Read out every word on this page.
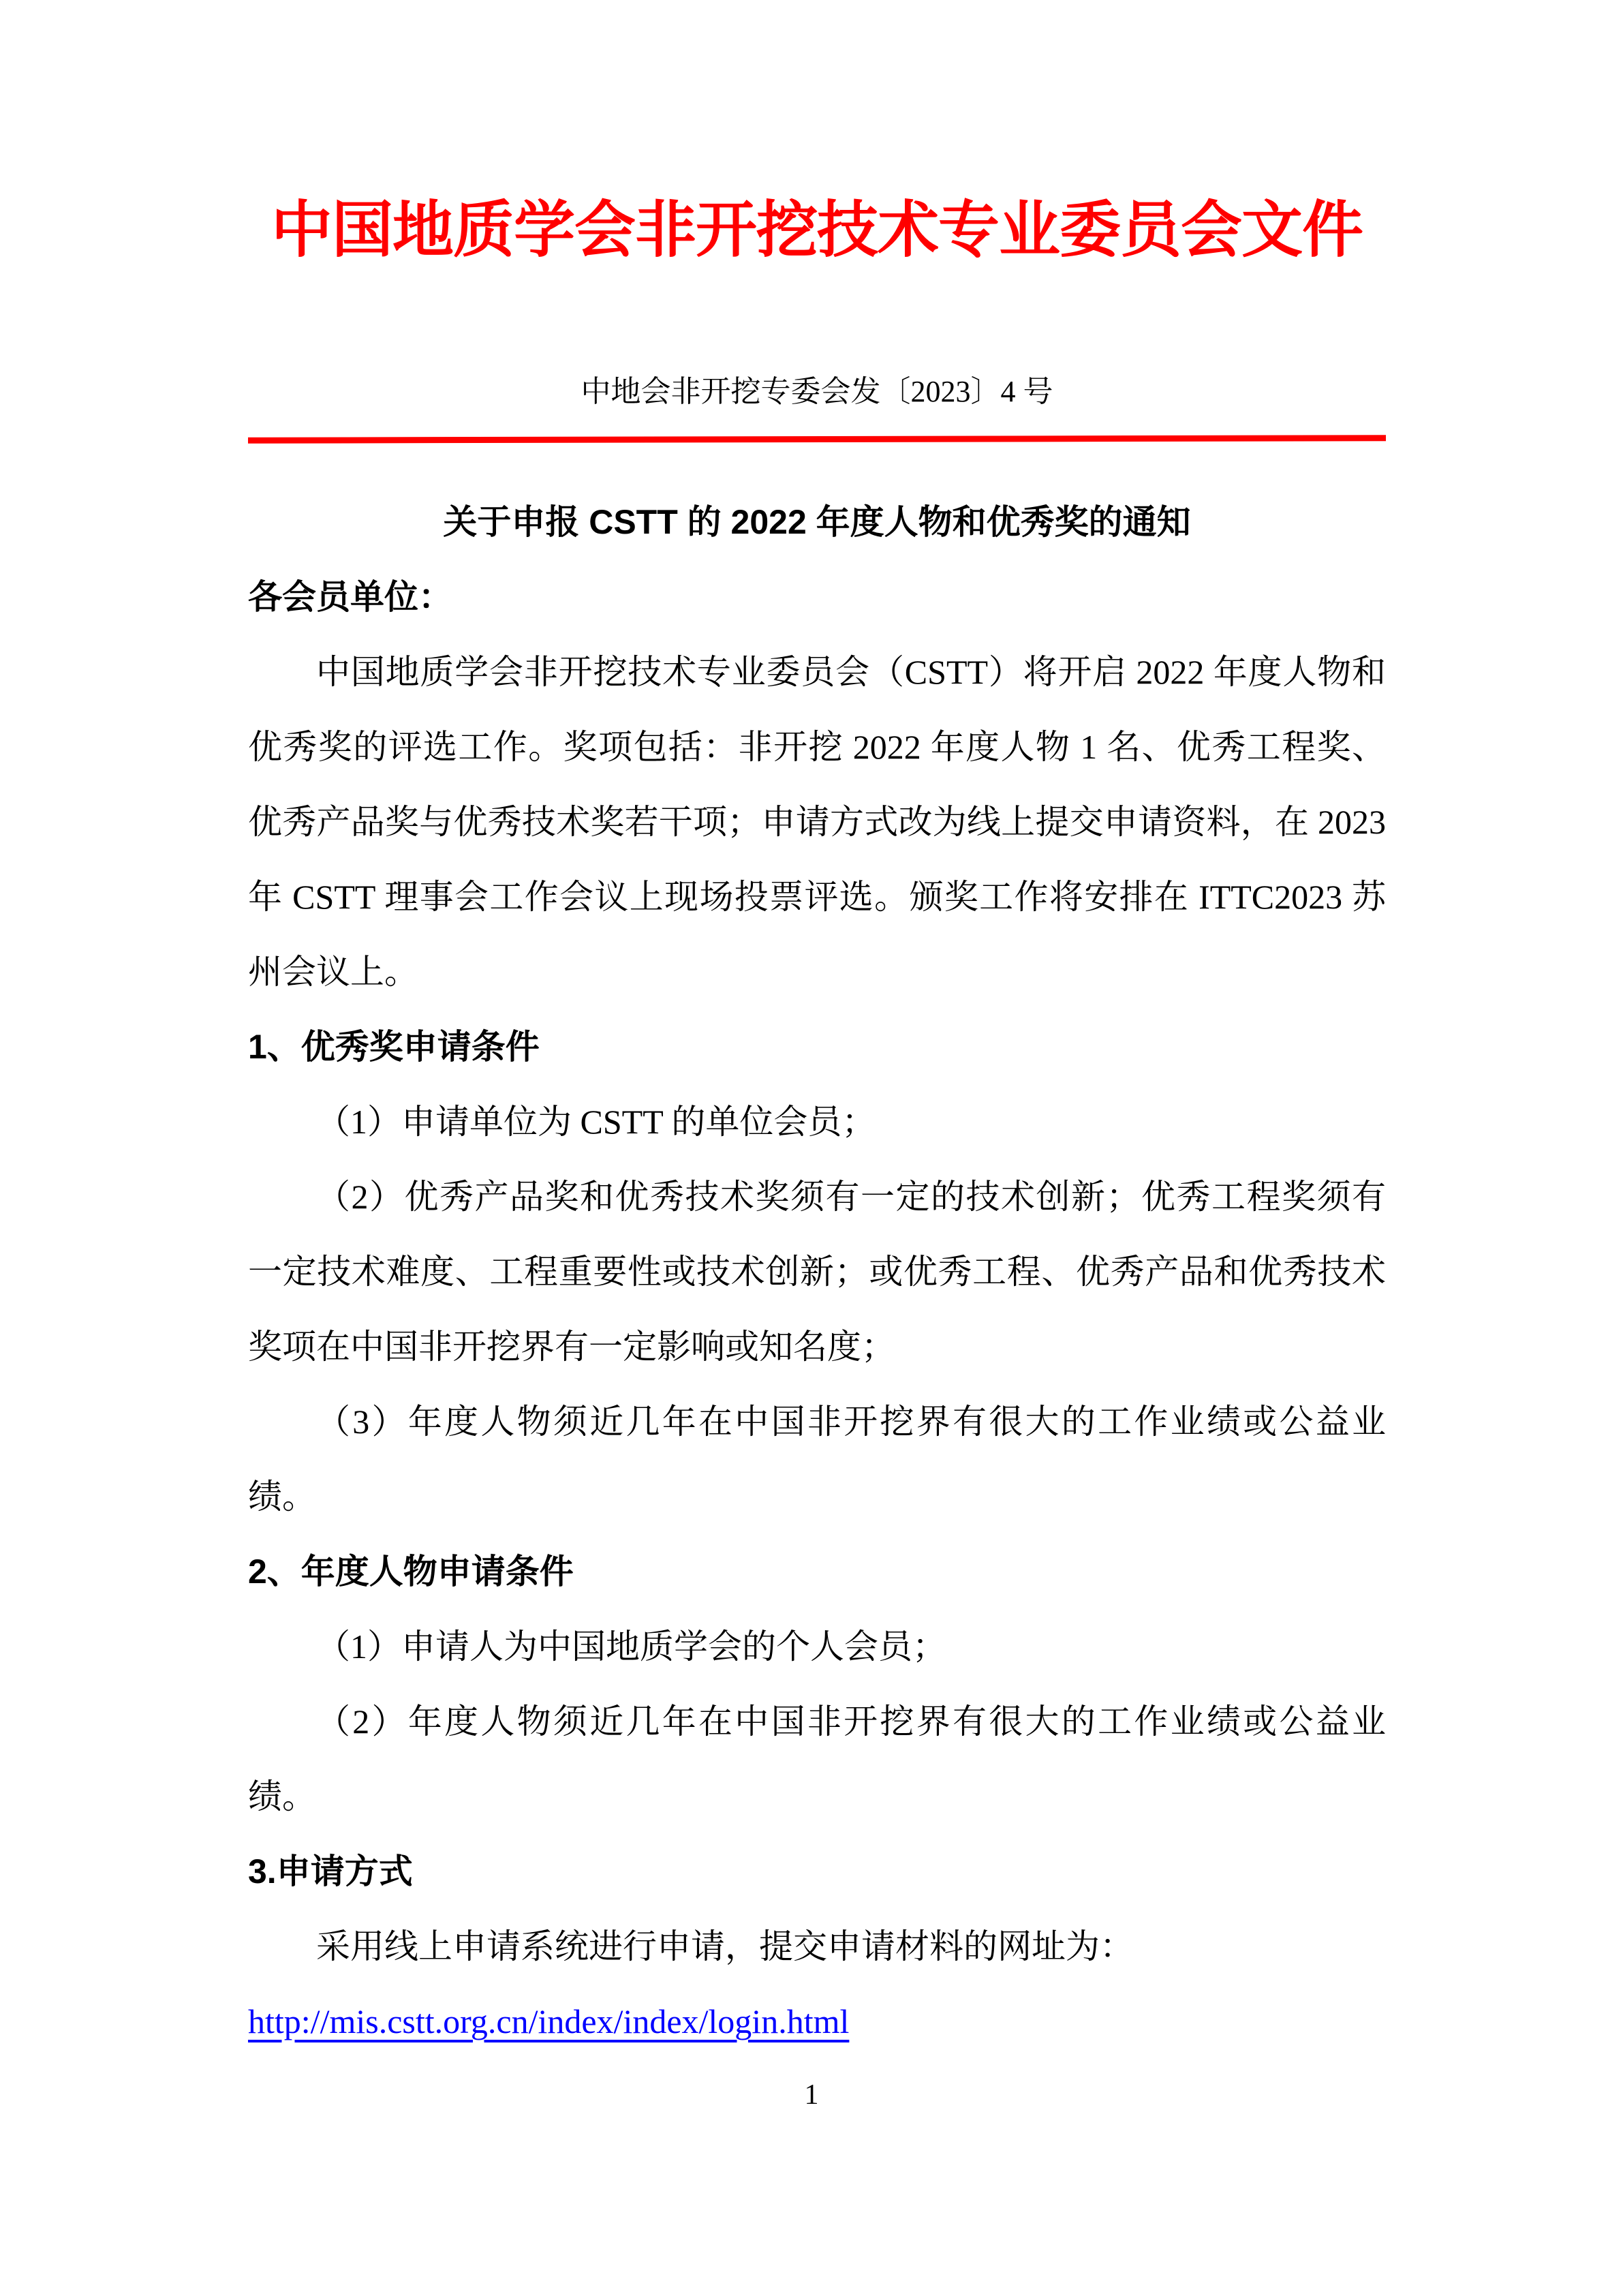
中国地质学会非开挖技术专业委员会文件
中地会非开挖专委会发〔2023〕4 号
关于申报 CSTT 的 2022 年度人物和优秀奖的通知

各会员单位：

中国地质学会非开挖技术专业委员会（CSTT）将开启 2022 年度人物和优秀奖的评选工作。奖项包括：非开挖 2022 年度人物 1 名、优秀工程奖、优秀产品奖与优秀技术奖若干项；申请方式改为线上提交申请资料，在 2023 年 CSTT 理事会工作会议上现场投票评选。颁奖工作将安排在 ITTC2023 苏州会议上。

1、优秀奖申请条件

（1）申请单位为 CSTT 的单位会员；

（2）优秀产品奖和优秀技术奖须有一定的技术创新；优秀工程奖须有一定技术难度、工程重要性或技术创新；或优秀工程、优秀产品和优秀技术奖项在中国非开挖界有一定影响或知名度；

（3）年度人物须近几年在中国非开挖界有很大的工作业绩或公益业绩。

2、年度人物申请条件

（1）申请人为中国地质学会的个人会员；

（2）年度人物须近几年在中国非开挖界有很大的工作业绩或公益业绩。

3.申请方式

采用线上申请系统进行申请，提交申请材料的网址为：

http://mis.cstt.org.cn/index/index/login.html
1
